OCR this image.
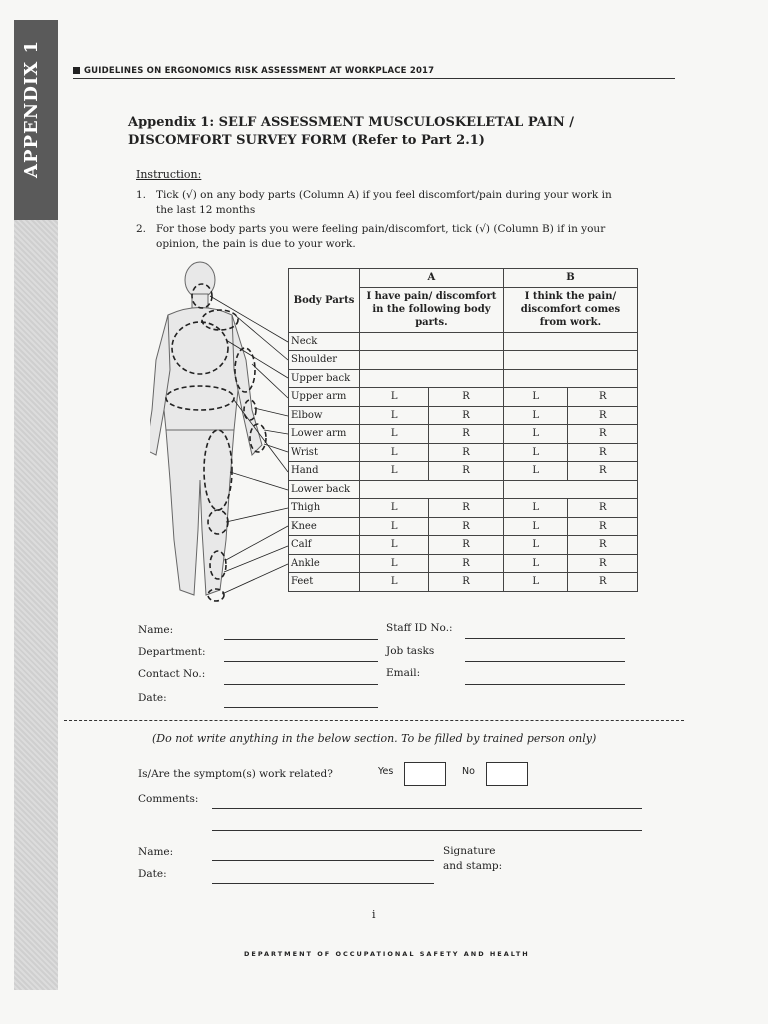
APPENDIX 1	GUIDELINES ON ERGONOMICS RISK ASSESSMENT AT WORKPLACE 2017
Appendix 1: SELF ASSESSMENT MUSCULOSKELETAL PAIN /
DISCOMFORT SURVEY FORM (Refer to Part 2.1)
Instruction:
1. Tick (√) on any body parts (Column A) if you feel discomfort/pain during your work in
the last 12 months
2. For those body parts you were feeling pain/discomfort, tick (√) (Column B) if in your
opinion, the pain is due to your work.
Body Parts	A		B	
	I have pain/ discomfort in the following body parts.		I think the pain/ discomfort comes from work.	
Neck				
Shoulder				
Upper back				
Upper arm	L	R	L	R
Elbow	L	R	L	R
Lower arm	L	R	L	R
Wrist	L	R	L	R
Hand	L	R	L	R
Lower back				
Thigh	L	R	L	R
Knee	L	R	L	R
Calf	L	R	L	R
Ankle	L	R	L	R
Feet	L	R	L	R
Name:
Department:
Contact No.:
Date:
Staff ID No.:
Job tasks
Email:
(Do not write anything in the below section. To be filled by trained person only)
Is/Are the symptom(s) work related?	Yes	No
Comments:
Name:
Date:
Signature
and stamp:
i
DEPARTMENT OF OCCUPATIONAL SAFETY AND HEALTH
